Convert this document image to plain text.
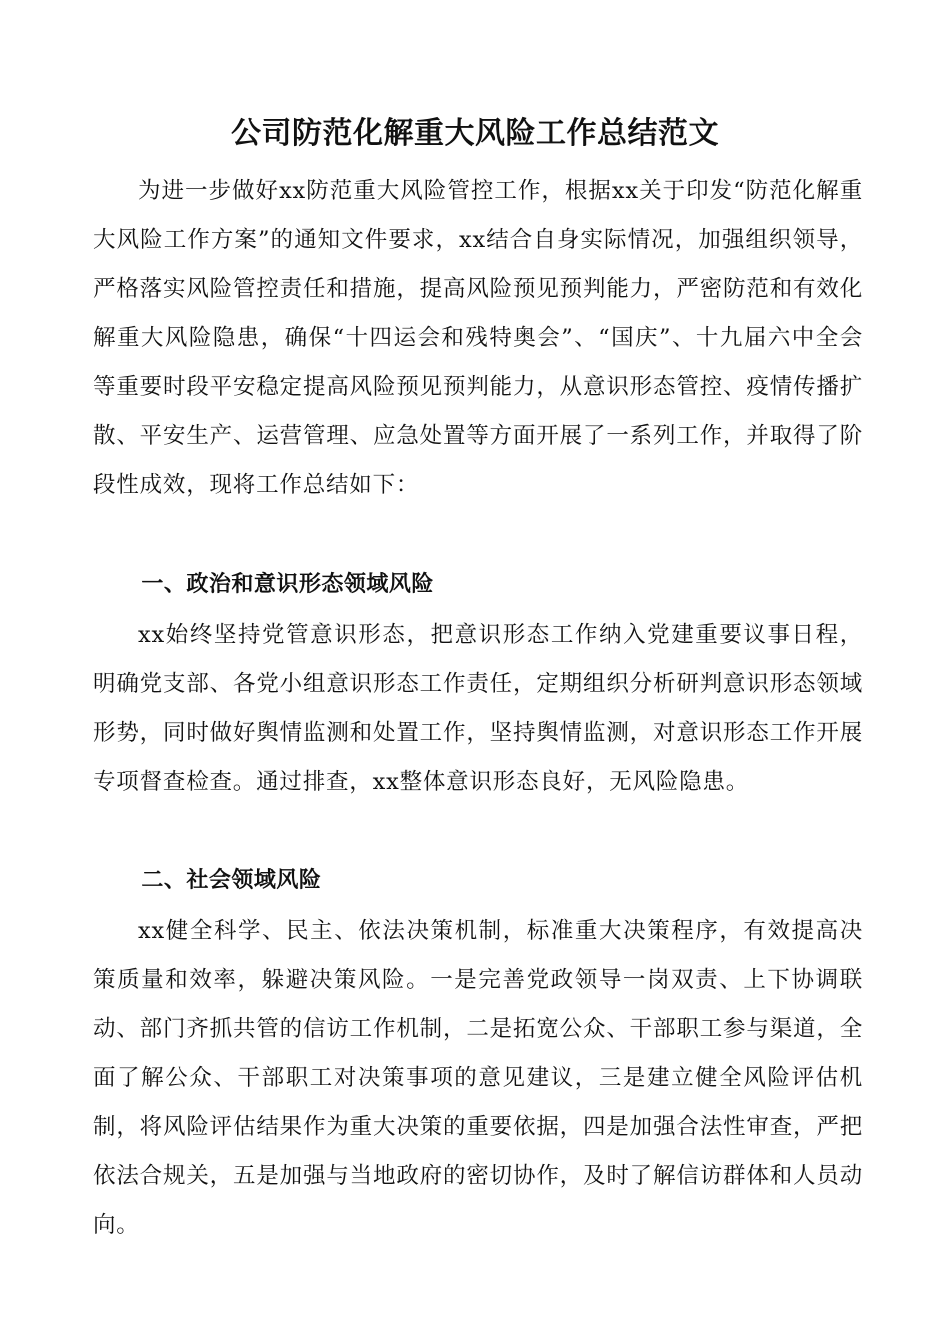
公司防范化解重大风险工作总结范文

为进一步做好xx防范重大风险管控工作，根据xx关于印发“防范化解重大风险工作方案”的通知文件要求，xx结合自身实际情况，加强组织领导，严格落实风险管控责任和措施，提高风险预见预判能力，严密防范和有效化解重大风险隐患，确保“十四运会和残特奥会”、“国庆”、十九届六中全会等重要时段平安稳定提高风险预见预判能力，从意识形态管控、疫情传播扩散、平安生产、运营管理、应急处置等方面开展了一系列工作，并取得了阶段性成效，现将工作总结如下：

一、政治和意识形态领域风险

xx始终坚持党管意识形态，把意识形态工作纳入党建重要议事日程，明确党支部、各党小组意识形态工作责任，定期组织分析研判意识形态领域形势，同时做好舆情监测和处置工作，坚持舆情监测，对意识形态工作开展专项督查检查。通过排查，xx整体意识形态良好，无风险隐患。

二、社会领域风险

xx健全科学、民主、依法决策机制，标准重大决策程序，有效提高决策质量和效率，躲避决策风险。一是完善党政领导一岗双责、上下协调联动、部门齐抓共管的信访工作机制，二是拓宽公众、干部职工参与渠道，全面了解公众、干部职工对决策事项的意见建议，三是建立健全风险评估机制，将风险评估结果作为重大决策的重要依据，四是加强合法性审查，严把依法合规关，五是加强与当地政府的密切协作，及时了解信访群体和人员动向。
